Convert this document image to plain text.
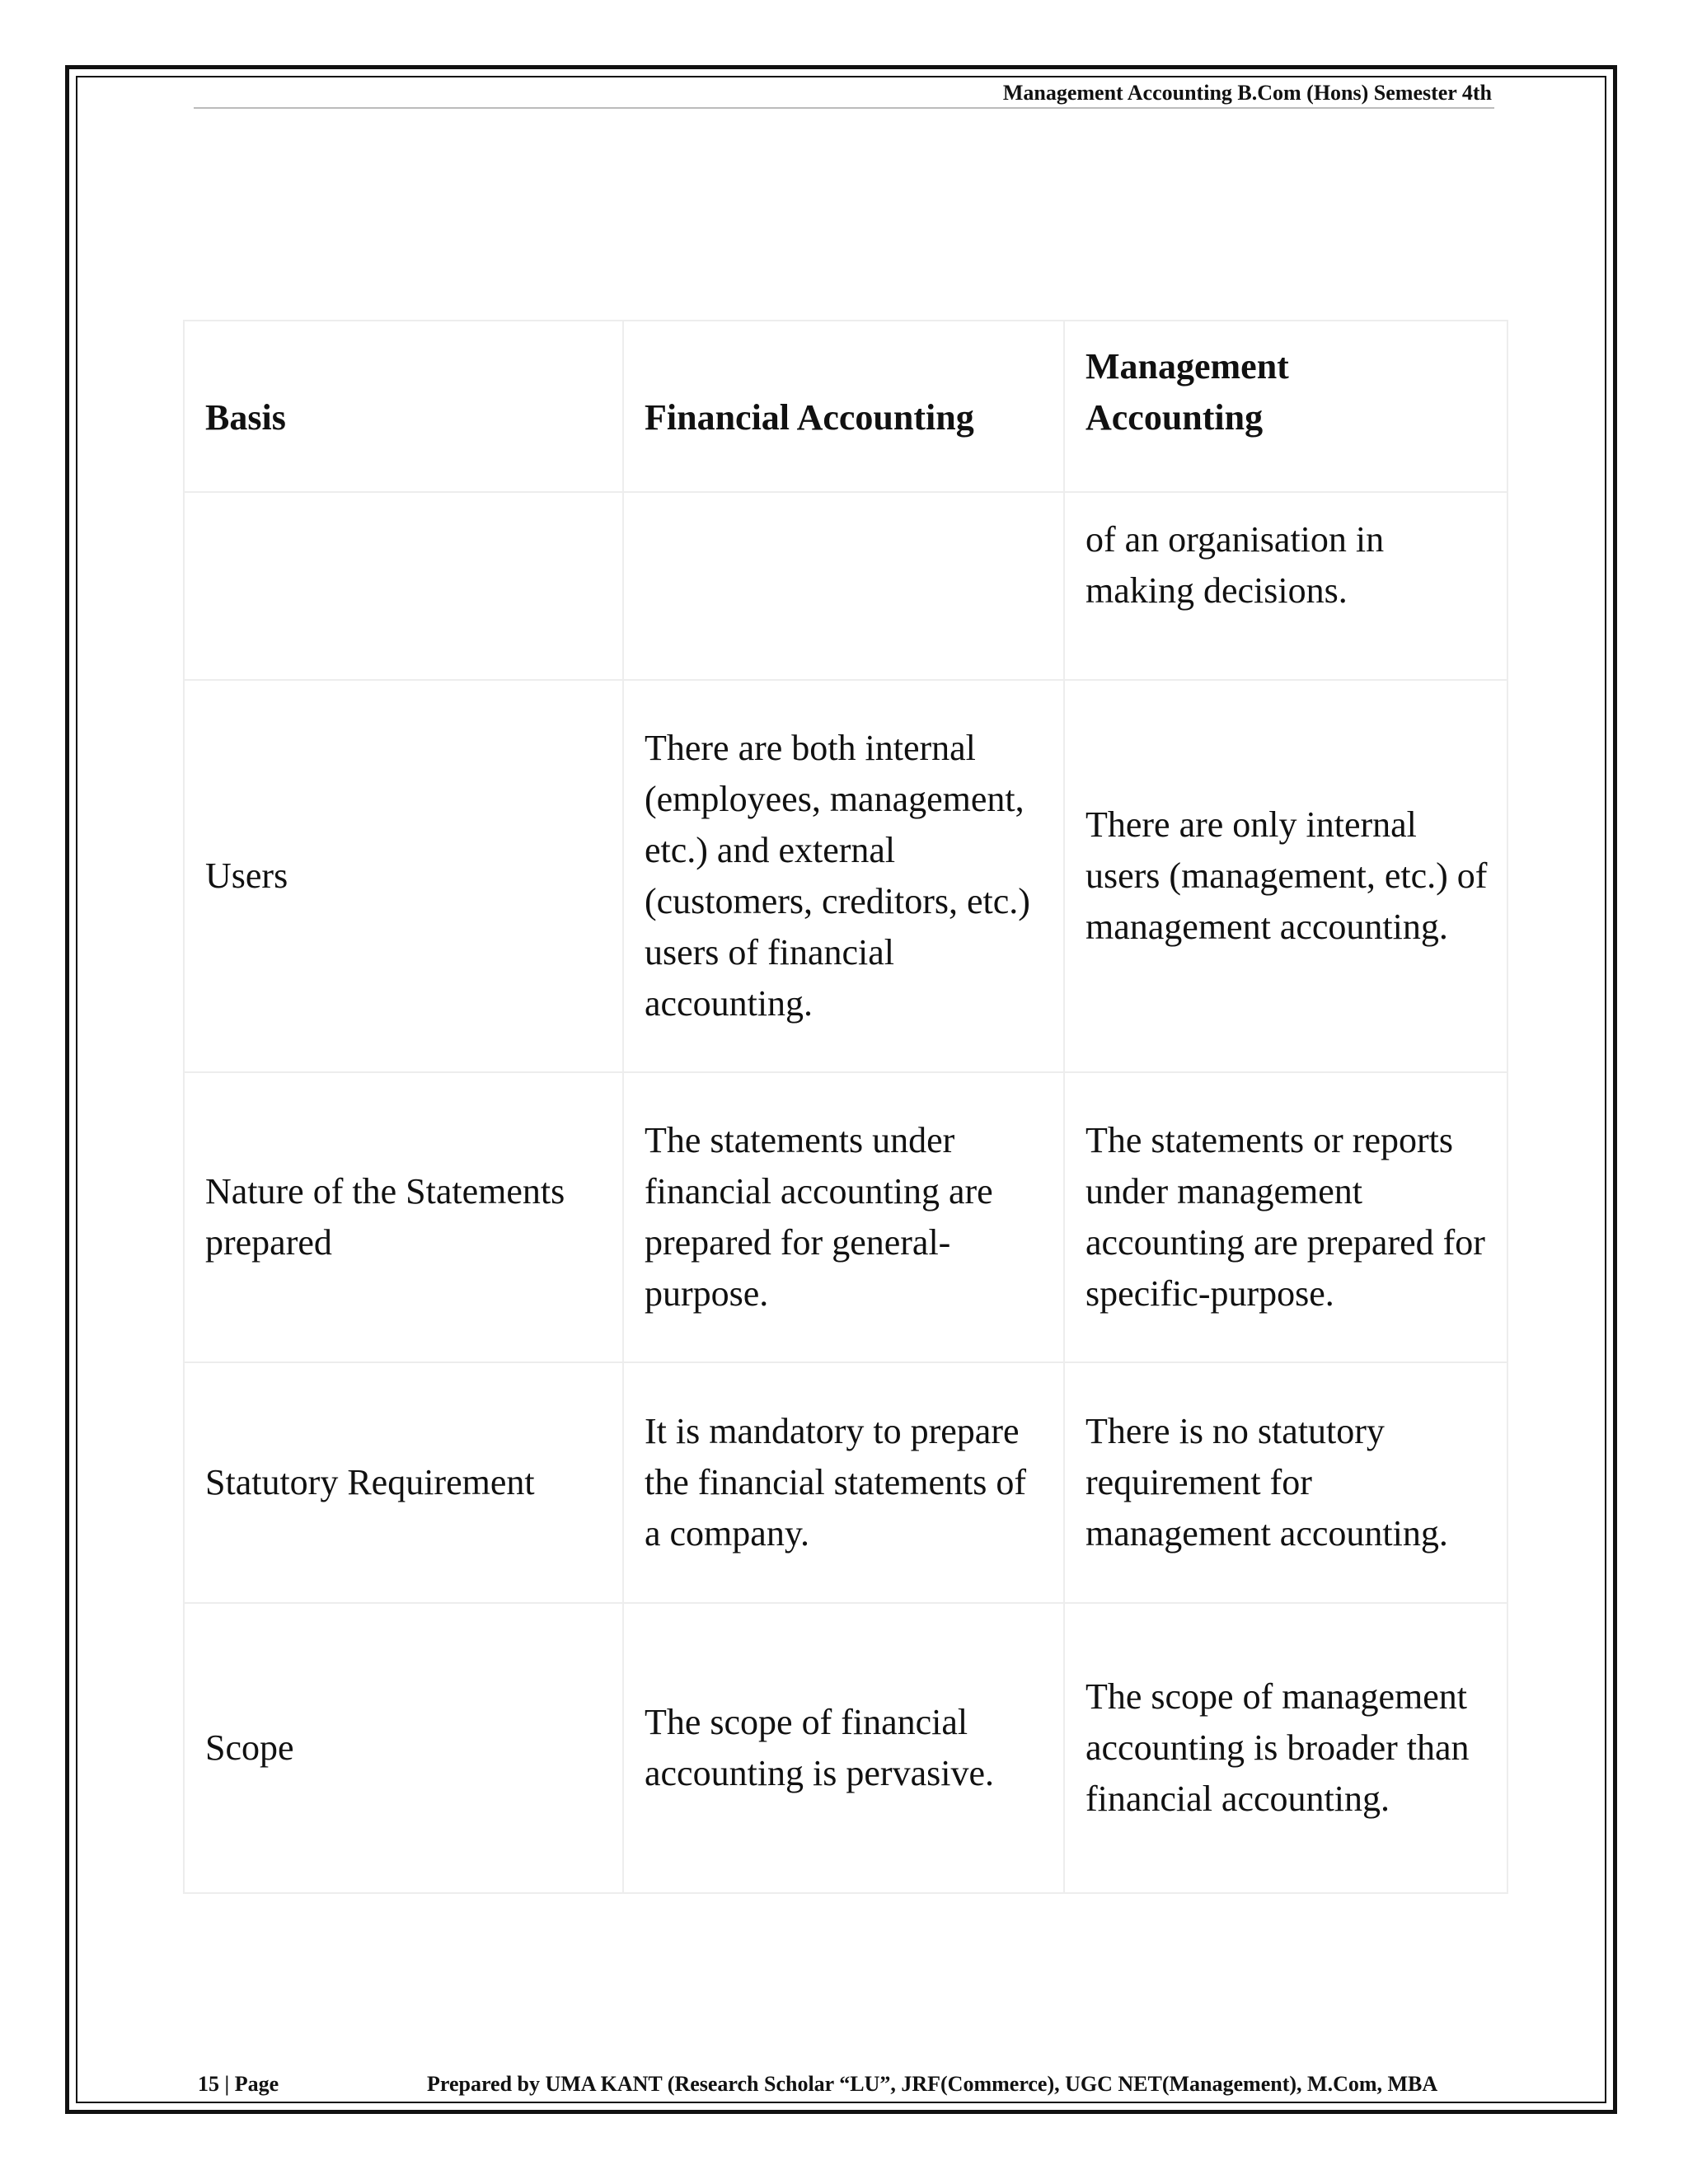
Management Accounting B.Com (Hons) Semester 4th
Basis	Financial Accounting	Management Accounting
		of an organisation in making decisions.
Users	There are both internal (employees, management, etc.) and external (customers, creditors, etc.) users of financial accounting.	There are only internal users (management, etc.) of management accounting.
Nature of the Statements prepared	The statements under financial accounting are prepared for general-purpose.	The statements or reports under management accounting are prepared for specific-purpose.
Statutory Requirement	It is mandatory to prepare the financial statements of a company.	There is no statutory requirement for management accounting.
Scope	The scope of financial accounting is pervasive.	The scope of management accounting is broader than financial accounting.
15 | Page	Prepared by UMA KANT (Research Scholar “LU”, JRF(Commerce), UGC NET(Management), M.Com, MBA
